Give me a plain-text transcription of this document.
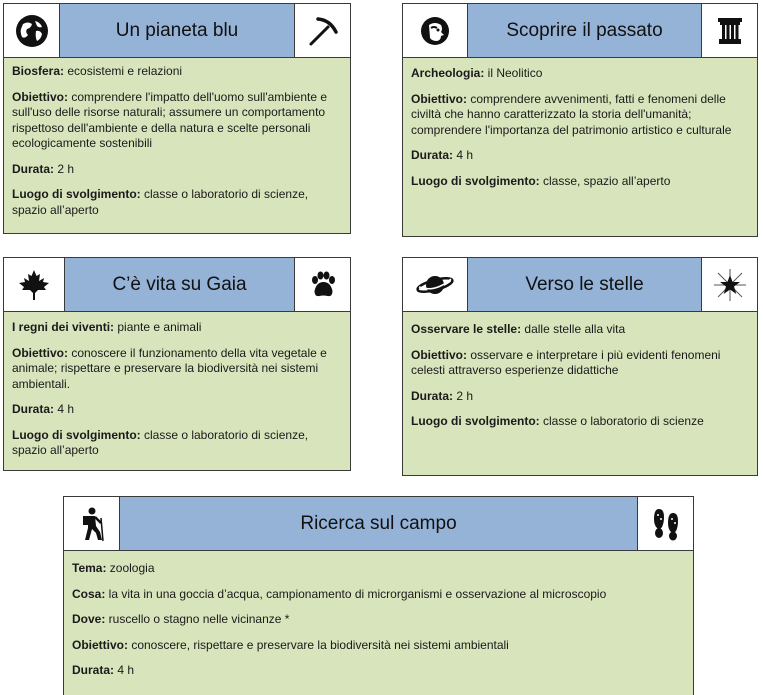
Un pianeta blu
Biosfera: ecosistemi e relazioni
Obiettivo: comprendere l'impatto dell'uomo sull'ambiente e sull'uso delle risorse naturali; assumere un comportamento rispettoso dell'ambiente e della natura e scelte personali ecologicamente sostenibili
Durata: 2 h
Luogo di svolgimento: classe o laboratorio di scienze, spazio all’aperto
Scoprire il passato
Archeologia: il Neolitico
Obiettivo: comprendere avvenimenti, fatti e fenomeni delle civiltà che hanno caratterizzato la storia dell'umanità; comprendere l'importanza del patrimonio artistico e culturale
Durata: 4 h
Luogo di svolgimento: classe, spazio all’aperto
C’è vita su Gaia
I regni dei viventi: piante e animali
Obiettivo: conoscere il funzionamento della vita vegetale e animale; rispettare e preservare la biodiversità nei sistemi ambientali.
Durata: 4 h
Luogo di svolgimento: classe o laboratorio di scienze, spazio all’aperto
Verso le stelle
Osservare le stelle: dalle stelle alla vita
Obiettivo: osservare e interpretare i più evidenti fenomeni celesti attraverso esperienze didattiche
Durata: 2 h
Luogo di svolgimento: classe o laboratorio di scienze
Ricerca sul campo
Tema: zoologia
Cosa: la vita in una goccia d’acqua, campionamento di microrganismi e osservazione al microscopio
Dove: ruscello o stagno nelle vicinanze *
Obiettivo: conoscere, rispettare e preservare la biodiversità nei sistemi ambientali
Durata: 4 h
